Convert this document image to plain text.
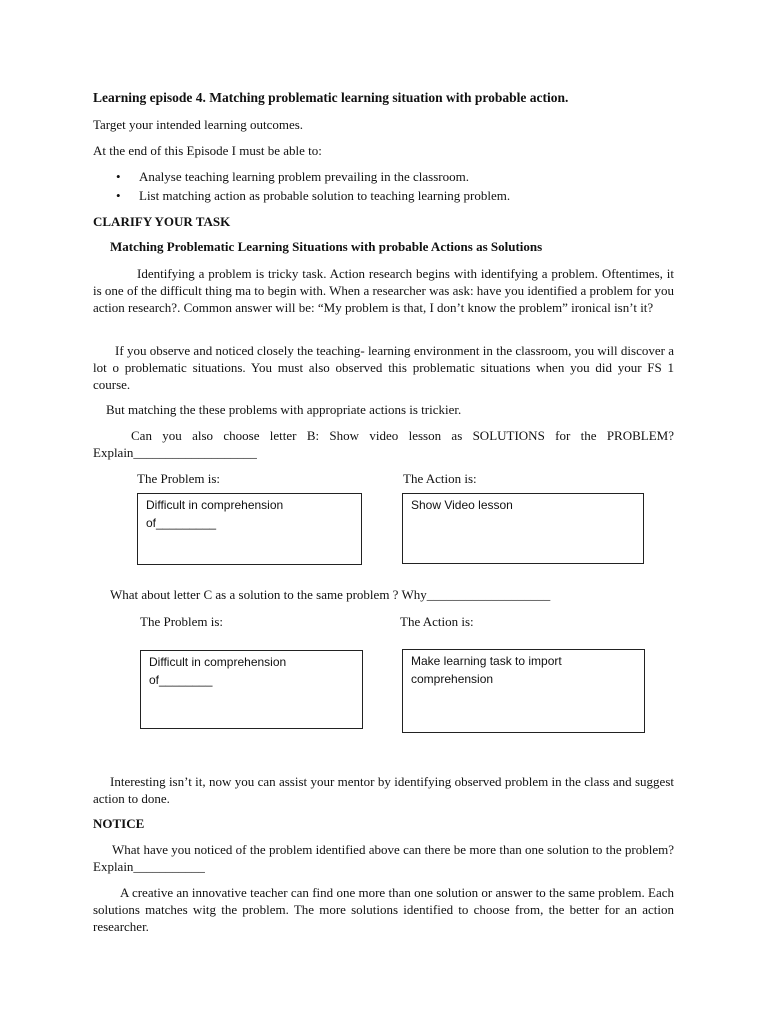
Learning episode 4. Matching problematic learning situation with probable action.
Target your intended learning outcomes.
At the end of this Episode I must be able to:
• Analyse teaching learning problem prevailing in the classroom.
• List matching action as probable solution to teaching learning problem.
CLARIFY YOUR TASK
Matching Problematic Learning Situations with probable Actions as Solutions
Identifying a problem is tricky task. Action research begins with identifying a problem. Oftentimes, it is one of the difficult thing ma to begin with. When a researcher was ask: have you identified a problem for you action research?. Common answer will be: “My problem is that, I don’t know the problem” ironical isn’t it?
If you observe and noticed closely the teaching- learning environment in the classroom, you will discover a lot o problematic situations. You must also observed this problematic situations when you did your FS 1 course.
But matching the these problems with appropriate actions is trickier.
Can you also choose letter B: Show video lesson as SOLUTIONS for the PROBLEM? Explain___________________
The Problem is:	The Action is:
Difficult in comprehension
of_________
Show Video lesson
What about letter C as a solution to the same problem ? Why___________________
The Problem is:	The Action is:
Difficult in comprehension
of________
Make learning task to import
comprehension
Interesting isn’t it, now you can assist your mentor by identifying observed problem in the class and suggest action to done.
NOTICE
What have you noticed of the problem identified above can there be more than one solution to the problem? Explain___________
A creative an innovative teacher can find one more than one solution or answer to the same problem. Each solutions matches witg the problem. The more solutions identified to choose from, the better for an action researcher.
